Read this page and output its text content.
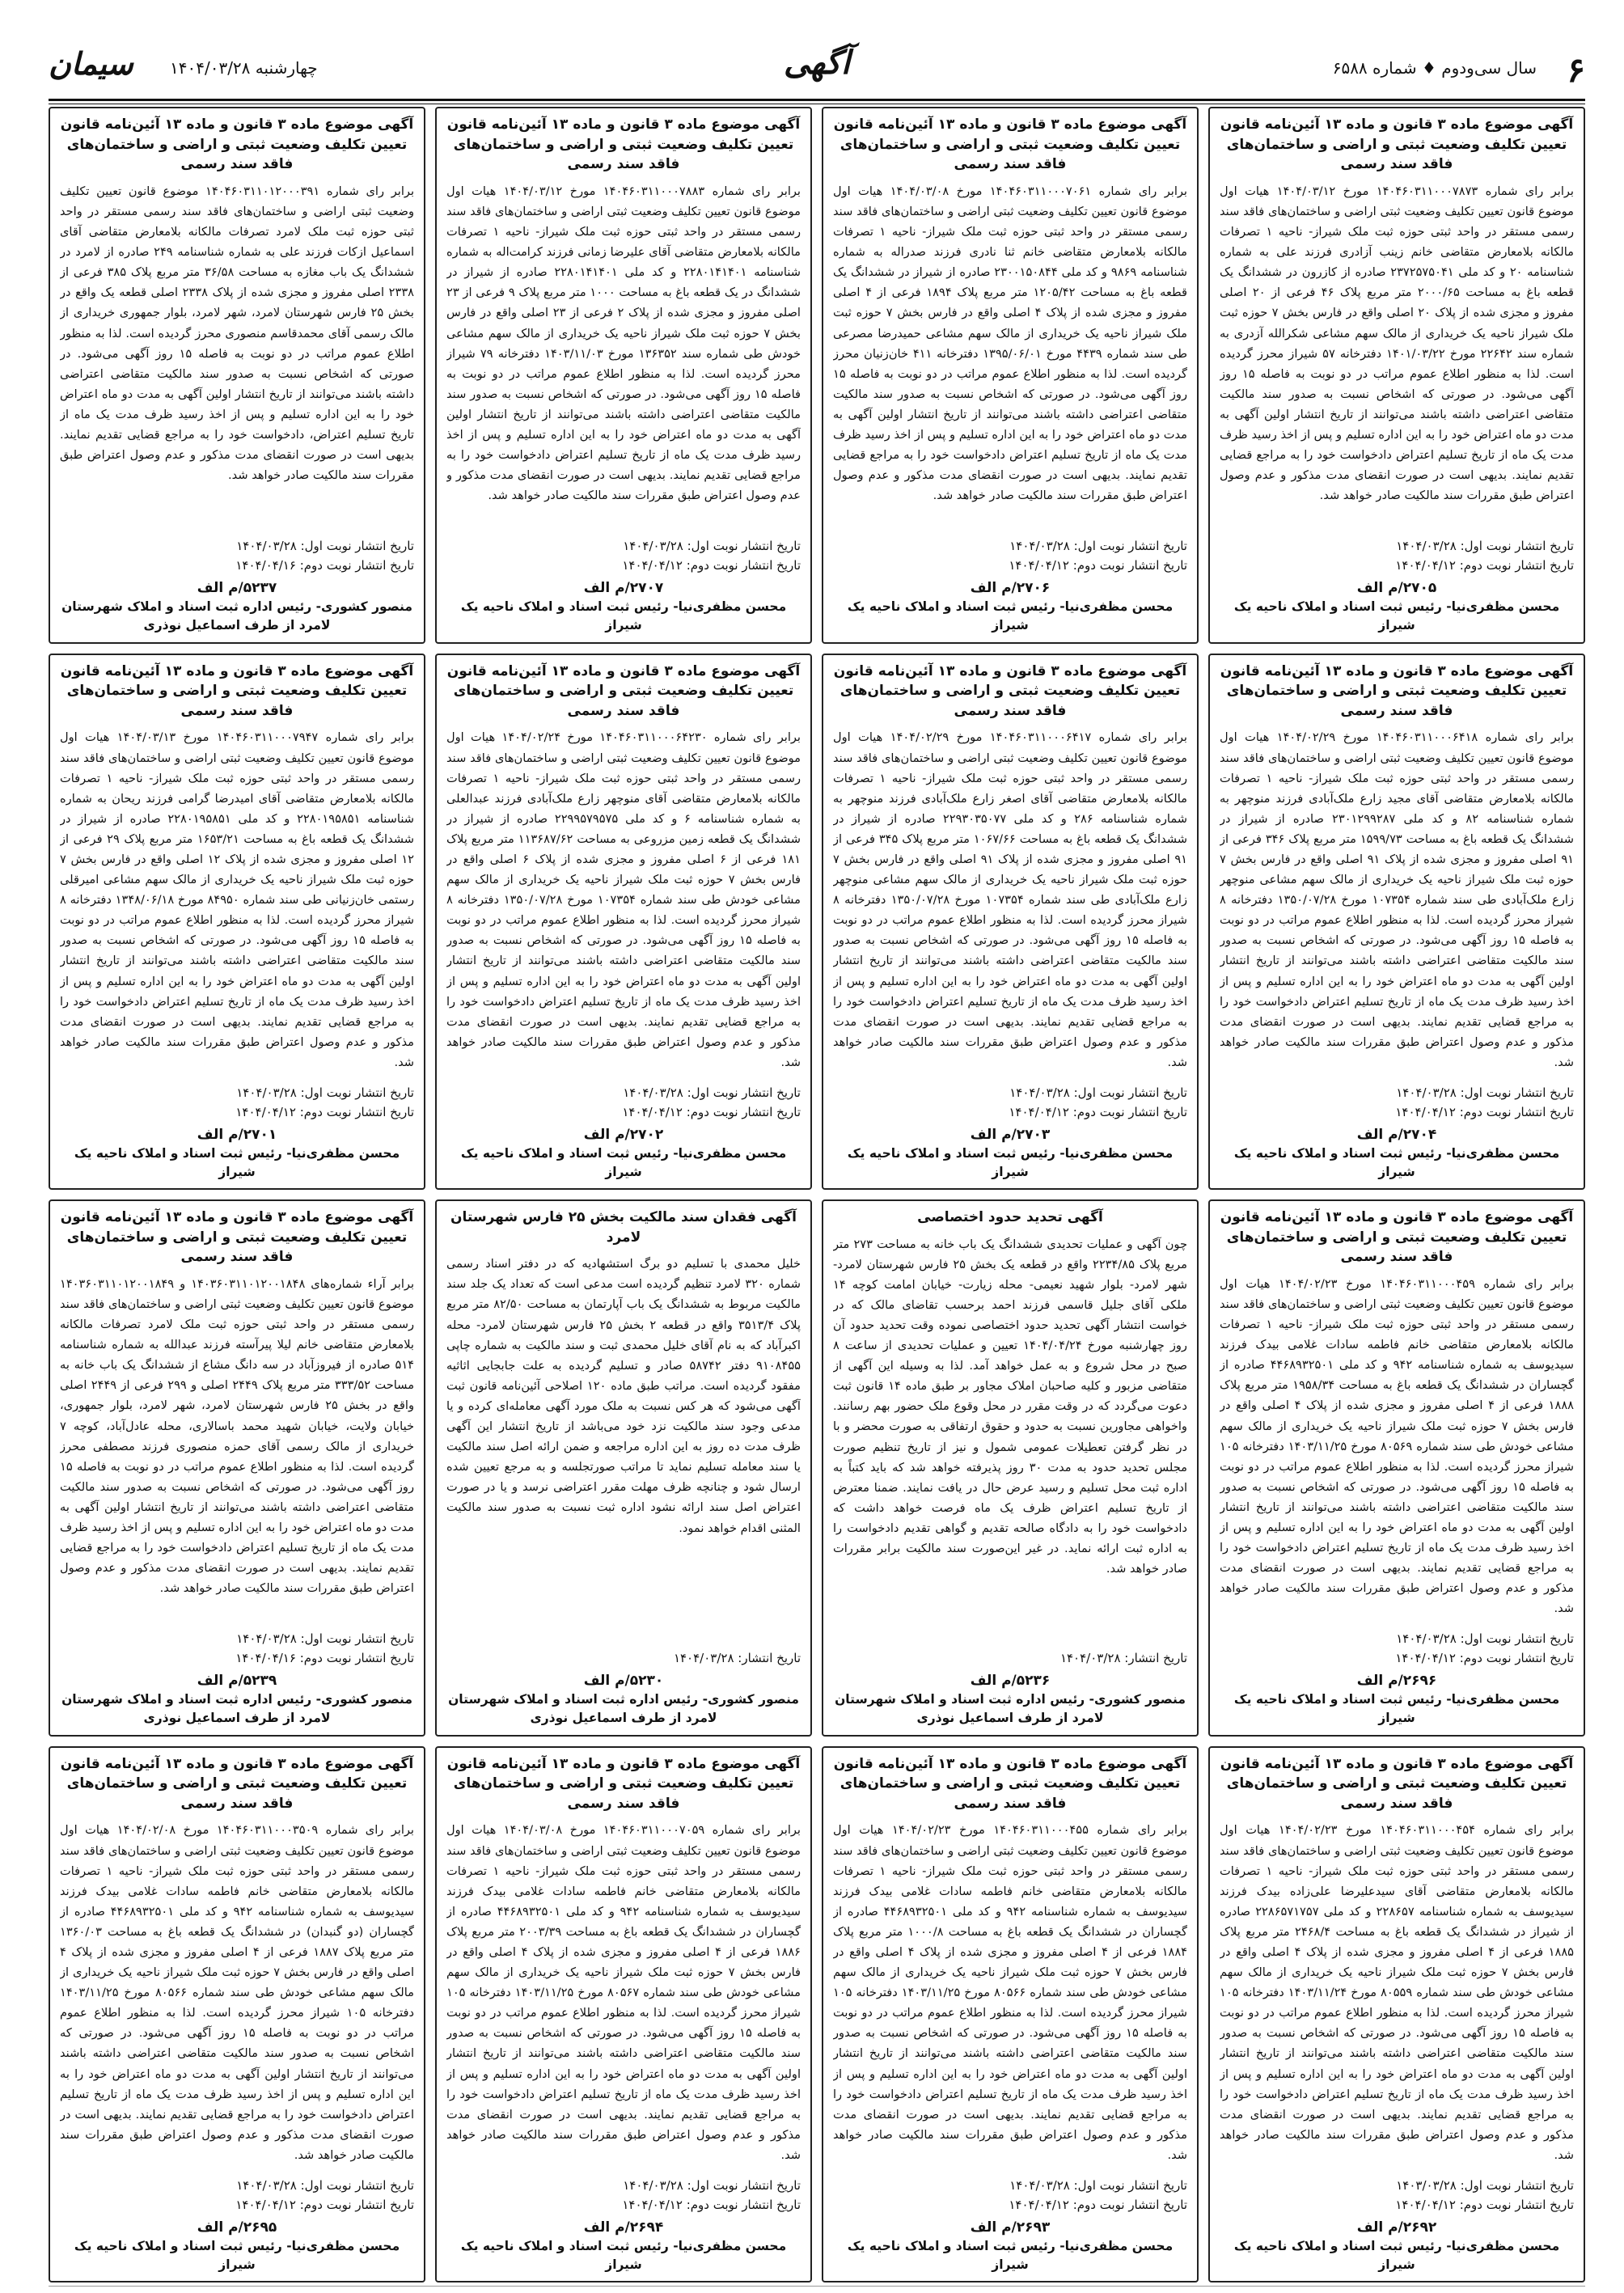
۶
سال سی‌ودوم ♦ شماره ۶۵۸۸
آگهی
چهارشنبه ۱۴۰۴/۰۳/۲۸
سیمان
آگهی موضوع ماده ۳ قانون و ماده ۱۳ آئین‌نامه قانون تعیین تکلیف وضعیت ثبتی و اراضی و ساختمان‌های فاقد سند رسمی
برابر رای شماره ۱۴۰۴۶۰۳۱۱۰۰۰۷۸۷۳ مورخ ۱۴۰۴/۰۳/۱۲ هیات اول موضوع قانون تعیین تکلیف وضعیت ثبتی اراضی و ساختمان‌های فاقد سند رسمی مستقر در واحد ثبتی حوزه ثبت ملک شیراز- ناحیه ۱ تصرفات مالکانه بلامعارض متقاضی خانم زینب آزادری فرزند علی به شماره شناسنامه ۲۰ و کد ملی ۲۳۷۲۵۷۵۰۴۱ صادره از کازرون در ششدانگ یک قطعه باغ به مساحت ۲۰۰۰/۶۵ متر مربع پلاک ۴۶ فرعی از ۲۰ اصلی مفروز و مجزی شده از پلاک ۲۰ اصلی واقع در فارس بخش ۷ حوزه ثبت ملک شیراز ناحیه یک خریداری از مالک سهم مشاعی شکرالله آزدری به شماره سند ۲۲۶۴۲ مورخ ۱۴۰۱/۰۳/۲۲ دفترخانه ۵۷ شیراز محرز گردیده است. لذا به منظور اطلاع عموم مراتب در دو نوبت به فاصله ۱۵ روز آگهی می‌شود. در صورتی که اشخاص نسبت به صدور سند مالکیت متقاضی اعتراضی داشته باشند می‌توانند از تاریخ انتشار اولین آگهی به مدت دو ماه اعتراض خود را به این اداره تسلیم و پس از اخذ رسید ظرف مدت یک ماه از تاریخ تسلیم اعتراض دادخواست خود را به مراجع قضایی تقدیم نمایند. بدیهی است در صورت انقضای مدت مذکور و عدم وصول اعتراض طبق مقررات سند مالکیت صادر خواهد شد.
تاریخ انتشار نوبت اول: ۱۴۰۴/۰۳/۲۸
تاریخ انتشار نوبت دوم: ۱۴۰۴/۰۴/۱۲
۲۷۰۵/م الف
محسن مظفری‌نیا- رئیس ثبت اسناد و املاک ناحیه یک شیراز
آگهی موضوع ماده ۳ قانون و ماده ۱۳ آئین‌نامه قانون تعیین تکلیف وضعیت ثبتی و اراضی و ساختمان‌های فاقد سند رسمی
برابر رای شماره ۱۴۰۴۶۰۳۱۱۰۰۰۷۰۶۱ مورخ ۱۴۰۴/۰۳/۰۸ هیات اول موضوع قانون تعیین تکلیف وضعیت ثبتی اراضی و ساختمان‌های فاقد سند رسمی مستقر در واحد ثبتی حوزه ثبت ملک شیراز- ناحیه ۱ تصرفات مالکانه بلامعارض متقاضی خانم ثنا نادری فرزند صدراله به شماره شناسنامه ۹۸۶۹ و کد ملی ۲۳۰۰۱۵۰۸۴۴ صادره از شیراز در ششدانگ یک قطعه باغ به مساحت ۱۲۰۵/۴۲ متر مربع پلاک ۱۸۹۴ فرعی از ۴ اصلی مفروز و مجزی شده از پلاک ۴ اصلی واقع در فارس بخش ۷ حوزه ثبت ملک شیراز ناحیه یک خریداری از مالک سهم مشاعی حمیدرضا مصرعی طی سند شماره ۴۴۳۹ مورخ ۱۳۹۵/۰۶/۰۱ دفترخانه ۴۱۱ خان‌زنیان محرز گردیده است. لذا به منظور اطلاع عموم مراتب در دو نوبت به فاصله ۱۵ روز آگهی می‌شود. در صورتی که اشخاص نسبت به صدور سند مالکیت متقاضی اعتراضی داشته باشند می‌توانند از تاریخ انتشار اولین آگهی به مدت دو ماه اعتراض خود را به این اداره تسلیم و پس از اخذ رسید ظرف مدت یک ماه از تاریخ تسلیم اعتراض دادخواست خود را به مراجع قضایی تقدیم نمایند. بدیهی است در صورت انقضای مدت مذکور و عدم وصول اعتراض طبق مقررات سند مالکیت صادر خواهد شد.
تاریخ انتشار نوبت اول: ۱۴۰۴/۰۳/۲۸
تاریخ انتشار نوبت دوم: ۱۴۰۴/۰۴/۱۲
۲۷۰۶/م الف
محسن مظفری‌نیا- رئیس ثبت اسناد و املاک ناحیه یک شیراز
آگهی موضوع ماده ۳ قانون و ماده ۱۳ آئین‌نامه قانون تعیین تکلیف وضعیت ثبتی و اراضی و ساختمان‌های فاقد سند رسمی
برابر رای شماره ۱۴۰۴۶۰۳۱۱۰۰۰۷۸۸۳ مورخ ۱۴۰۴/۰۳/۱۲ هیات اول موضوع قانون تعیین تکلیف وضعیت ثبتی اراضی و ساختمان‌های فاقد سند رسمی مستقر در واحد ثبتی حوزه ثبت ملک شیراز- ناحیه ۱ تصرفات مالکانه بلامعارض متقاضی آقای علیرضا زمانی فرزند کرامت‌اله به شماره شناسنامه ۲۲۸۰۱۴۱۴۰۱ و کد ملی ۲۲۸۰۱۴۱۴۰۱ صادره از شیراز در ششدانگ در یک قطعه باغ به مساحت ۱۰۰۰ متر مربع پلاک ۹ فرعی از ۲۳ اصلی مفروز و مجزی شده از پلاک ۲ فرعی از ۲۳ اصلی واقع در فارس بخش ۷ حوزه ثبت ملک شیراز ناحیه یک خریداری از مالک سهم مشاعی خودش طی شماره سند ۱۳۶۳۵۲ مورخ ۱۴۰۳/۱۱/۰۳ دفترخانه ۷۹ شیراز محرز گردیده است. لذا به منظور اطلاع عموم مراتب در دو نوبت به فاصله ۱۵ روز آگهی می‌شود. در صورتی که اشخاص نسبت به صدور سند مالکیت متقاضی اعتراضی داشته باشند می‌توانند از تاریخ انتشار اولین آگهی به مدت دو ماه اعتراض خود را به این اداره تسلیم و پس از اخذ رسید ظرف مدت یک ماه از تاریخ تسلیم اعتراض دادخواست خود را به مراجع قضایی تقدیم نمایند. بدیهی است در صورت انقضای مدت مذکور و عدم وصول اعتراض طبق مقررات سند مالکیت صادر خواهد شد.
تاریخ انتشار نوبت اول: ۱۴۰۴/۰۳/۲۸
تاریخ انتشار نوبت دوم: ۱۴۰۴/۰۴/۱۲
۲۷۰۷/م الف
محسن مظفری‌نیا- رئیس ثبت اسناد و املاک ناحیه یک شیراز
آگهی موضوع ماده ۳ قانون و ماده ۱۳ آئین‌نامه قانون تعیین تکلیف وضعیت ثبتی و اراضی و ساختمان‌های فاقد سند رسمی
برابر رای شماره ۱۴۰۴۶۰۳۱۱۰۱۲۰۰۰۳۹۱ موضوع قانون تعیین تکلیف وضعیت ثبتی اراضی و ساختمان‌های فاقد سند رسمی مستقر در واحد ثبتی حوزه ثبت ملک لامرد تصرفات مالکانه بلامعارض متقاضی آقای اسماعیل ازکات فرزند علی به شماره شناسنامه ۲۴۹ صادره از لامرد در ششدانگ یک باب مغازه به مساحت ۳۶/۵۸ متر مربع پلاک ۳۸۵ فرعی از ۲۳۳۸ اصلی مفروز و مجزی شده از پلاک ۲۳۳۸ اصلی قطعه یک واقع در بخش ۲۵ فارس شهرستان لامرد، شهر لامرد، بلوار جمهوری خریداری از مالک رسمی آقای محمدقاسم منصوری محرز گردیده است. لذا به منظور اطلاع عموم مراتب در دو نوبت به فاصله ۱۵ روز آگهی می‌شود. در صورتی که اشخاص نسبت به صدور سند مالکیت متقاضی اعتراضی داشته باشند می‌توانند از تاریخ انتشار اولین آگهی به مدت دو ماه اعتراض خود را به این اداره تسلیم و پس از اخذ رسید ظرف مدت یک ماه از تاریخ تسلیم اعتراض، دادخواست خود را به مراجع قضایی تقدیم نمایند. بدیهی است در صورت انقضای مدت مذکور و عدم وصول اعتراض طبق مقررات سند مالکیت صادر خواهد شد.
تاریخ انتشار نوبت اول: ۱۴۰۴/۰۳/۲۸
تاریخ انتشار نوبت دوم: ۱۴۰۴/۰۴/۱۶
۵۲۳۷/م الف
منصور کشوری- رئیس اداره ثبت اسناد و املاک شهرستان لامرد از طرف اسماعیل نوذری
آگهی موضوع ماده ۳ قانون و ماده ۱۳ آئین‌نامه قانون تعیین تکلیف وضعیت ثبتی و اراضی و ساختمان‌های فاقد سند رسمی
برابر رای شماره ۱۴۰۴۶۰۳۱۱۰۰۰۶۴۱۸ مورخ ۱۴۰۴/۰۲/۲۹ هیات اول موضوع قانون تعیین تکلیف وضعیت ثبتی اراضی و ساختمان‌های فاقد سند رسمی مستقر در واحد ثبتی حوزه ثبت ملک شیراز- ناحیه ۱ تصرفات مالکانه بلامعارض متقاضی آقای مجید زارع ملک‌آبادی فرزند منوچهر به شماره شناسنامه ۸۲ و کد ملی ۲۳۰۱۲۹۹۲۸۷ صادره از شیراز در ششدانگ یک قطعه باغ به مساحت ۱۵۹۹/۷۳ متر مربع پلاک ۳۴۶ فرعی از ۹۱ اصلی مفروز و مجزی شده از پلاک ۹۱ اصلی واقع در فارس بخش ۷ حوزه ثبت ملک شیراز ناحیه یک خریداری از مالک سهم مشاعی منوچهر زارع ملک‌آبادی طی سند شماره ۱۰۷۳۵۴ مورخ ۱۳۵۰/۰۷/۲۸ دفترخانه ۸ شیراز محرز گردیده است. لذا به منظور اطلاع عموم مراتب در دو نوبت به فاصله ۱۵ روز آگهی می‌شود. در صورتی که اشخاص نسبت به صدور سند مالکیت متقاضی اعتراضی داشته باشند می‌توانند از تاریخ انتشار اولین آگهی به مدت دو ماه اعتراض خود را به این اداره تسلیم و پس از اخذ رسید ظرف مدت یک ماه از تاریخ تسلیم اعتراض دادخواست خود را به مراجع قضایی تقدیم نمایند. بدیهی است در صورت انقضای مدت مذکور و عدم وصول اعتراض طبق مقررات سند مالکیت صادر خواهد شد.
تاریخ انتشار نوبت اول: ۱۴۰۴/۰۳/۲۸
تاریخ انتشار نوبت دوم: ۱۴۰۴/۰۴/۱۲
۲۷۰۴/م الف
محسن مظفری‌نیا- رئیس ثبت اسناد و املاک ناحیه یک شیراز
آگهی موضوع ماده ۳ قانون و ماده ۱۳ آئین‌نامه قانون تعیین تکلیف وضعیت ثبتی و اراضی و ساختمان‌های فاقد سند رسمی
برابر رای شماره ۱۴۰۴۶۰۳۱۱۰۰۰۶۴۱۷ مورخ ۱۴۰۴/۰۲/۲۹ هیات اول موضوع قانون تعیین تکلیف وضعیت ثبتی اراضی و ساختمان‌های فاقد سند رسمی مستقر در واحد ثبتی حوزه ثبت ملک شیراز- ناحیه ۱ تصرفات مالکانه بلامعارض متقاضی آقای اصغر زارع ملک‌آبادی فرزند منوچهر به شماره شناسنامه ۲۸۶ و کد ملی ۲۲۹۳۰۳۵۰۷۷ صادره از شیراز در ششدانگ یک قطعه باغ به مساحت ۱۰۶۷/۶۶ متر مربع پلاک ۳۴۵ فرعی از ۹۱ اصلی مفروز و مجزی شده از پلاک ۹۱ اصلی واقع در فارس بخش ۷ حوزه ثبت ملک شیراز ناحیه یک خریداری از مالک سهم مشاعی منوچهر زارع ملک‌آبادی طی سند شماره ۱۰۷۳۵۴ مورخ ۱۳۵۰/۰۷/۲۸ دفترخانه ۸ شیراز محرز گردیده است. لذا به منظور اطلاع عموم مراتب در دو نوبت به فاصله ۱۵ روز آگهی می‌شود. در صورتی که اشخاص نسبت به صدور سند مالکیت متقاضی اعتراضی داشته باشند می‌توانند از تاریخ انتشار اولین آگهی به مدت دو ماه اعتراض خود را به این اداره تسلیم و پس از اخذ رسید ظرف مدت یک ماه از تاریخ تسلیم اعتراض دادخواست خود را به مراجع قضایی تقدیم نمایند. بدیهی است در صورت انقضای مدت مذکور و عدم وصول اعتراض طبق مقررات سند مالکیت صادر خواهد شد.
تاریخ انتشار نوبت اول: ۱۴۰۴/۰۳/۲۸
تاریخ انتشار نوبت دوم: ۱۴۰۴/۰۴/۱۲
۲۷۰۳/م الف
محسن مظفری‌نیا- رئیس ثبت اسناد و املاک ناحیه یک شیراز
آگهی موضوع ماده ۳ قانون و ماده ۱۳ آئین‌نامه قانون تعیین تکلیف وضعیت ثبتی و اراضی و ساختمان‌های فاقد سند رسمی
برابر رای شماره ۱۴۰۴۶۰۳۱۱۰۰۰۶۴۲۳۰ مورخ ۱۴۰۴/۰۲/۲۴ هیات اول موضوع قانون تعیین تکلیف وضعیت ثبتی اراضی و ساختمان‌های فاقد سند رسمی مستقر در واحد ثبتی حوزه ثبت ملک شیراز- ناحیه ۱ تصرفات مالکانه بلامعارض متقاضی آقای منوچهر زارع ملک‌آبادی فرزند عبدالعلی به شماره شناسنامه ۶ و کد ملی ۲۲۹۹۵۷۹۵۷۵ صادره از شیراز در ششدانگ یک قطعه زمین مزروعی به مساحت ۱۱۳۶۸۷/۶۲ متر مربع پلاک ۱۸۱ فرعی از ۶ اصلی مفروز و مجزی شده از پلاک ۶ اصلی واقع در فارس بخش ۷ حوزه ثبت ملک شیراز ناحیه یک خریداری از مالک سهم مشاعی خودش طی سند شماره ۱۰۷۳۵۴ مورخ ۱۳۵۰/۰۷/۲۸ دفترخانه ۸ شیراز محرز گردیده است. لذا به منظور اطلاع عموم مراتب در دو نوبت به فاصله ۱۵ روز آگهی می‌شود. در صورتی که اشخاص نسبت به صدور سند مالکیت متقاضی اعتراضی داشته باشند می‌توانند از تاریخ انتشار اولین آگهی به مدت دو ماه اعتراض خود را به این اداره تسلیم و پس از اخذ رسید ظرف مدت یک ماه از تاریخ تسلیم اعتراض دادخواست خود را به مراجع قضایی تقدیم نمایند. بدیهی است در صورت انقضای مدت مذکور و عدم وصول اعتراض طبق مقررات سند مالکیت صادر خواهد شد.
تاریخ انتشار نوبت اول: ۱۴۰۴/۰۳/۲۸
تاریخ انتشار نوبت دوم: ۱۴۰۴/۰۴/۱۲
۲۷۰۲/م الف
محسن مظفری‌نیا- رئیس ثبت اسناد و املاک ناحیه یک شیراز
آگهی موضوع ماده ۳ قانون و ماده ۱۳ آئین‌نامه قانون تعیین تکلیف وضعیت ثبتی و اراضی و ساختمان‌های فاقد سند رسمی
برابر رای شماره ۱۴۰۴۶۰۳۱۱۰۰۰۷۹۴۷ مورخ ۱۴۰۴/۰۳/۱۳ هیات اول موضوع قانون تعیین تکلیف وضعیت ثبتی اراضی و ساختمان‌های فاقد سند رسمی مستقر در واحد ثبتی حوزه ثبت ملک شیراز- ناحیه ۱ تصرفات مالکانه بلامعارض متقاضی آقای امیدرضا گرامی فرزند ریحان به شماره شناسنامه ۲۲۸۰۱۹۵۸۵۱ و کد ملی ۲۲۸۰۱۹۵۸۵۱ صادره از شیراز در ششدانگ یک قطعه باغ به مساحت ۱۶۵۳/۲۱ متر مربع پلاک ۲۹ فرعی از ۱۲ اصلی مفروز و مجزی شده از پلاک ۱۲ اصلی واقع در فارس بخش ۷ حوزه ثبت ملک شیراز ناحیه یک خریداری از مالک سهم مشاعی امیرقلی رستمی خان‌زنیانی طی سند شماره ۸۴۹۵۰ مورخ ۱۳۴۸/۰۶/۱۸ دفترخانه ۸ شیراز محرز گردیده است. لذا به منظور اطلاع عموم مراتب در دو نوبت به فاصله ۱۵ روز آگهی می‌شود. در صورتی که اشخاص نسبت به صدور سند مالکیت متقاضی اعتراضی داشته باشند می‌توانند از تاریخ انتشار اولین آگهی به مدت دو ماه اعتراض خود را به این اداره تسلیم و پس از اخذ رسید ظرف مدت یک ماه از تاریخ تسلیم اعتراض دادخواست خود را به مراجع قضایی تقدیم نمایند. بدیهی است در صورت انقضای مدت مذکور و عدم وصول اعتراض طبق مقررات سند مالکیت صادر خواهد شد.
تاریخ انتشار نوبت اول: ۱۴۰۴/۰۳/۲۸
تاریخ انتشار نوبت دوم: ۱۴۰۴/۰۴/۱۲
۲۷۰۱/م الف
محسن مظفری‌نیا- رئیس ثبت اسناد و املاک ناحیه یک شیراز
آگهی موضوع ماده ۳ قانون و ماده ۱۳ آئین‌نامه قانون تعیین تکلیف وضعیت ثبتی و اراضی و ساختمان‌های فاقد سند رسمی
برابر رای شماره ۱۴۰۴۶۰۳۱۱۰۰۰۴۵۹ مورخ ۱۴۰۴/۰۲/۲۳ هیات اول موضوع قانون تعیین تکلیف وضعیت ثبتی اراضی و ساختمان‌های فاقد سند رسمی مستقر در واحد ثبتی حوزه ثبت ملک شیراز- ناحیه ۱ تصرفات مالکانه بلامعارض متقاضی خانم فاطمه سادات غلامی بیدک فرزند سیدیوسف به شماره شناسنامه ۹۴۲ و کد ملی ۴۴۶۸۹۳۲۵۰۱ صادره از گچساران در ششدانگ یک قطعه باغ به مساحت ۱۹۵۸/۳۴ متر مربع پلاک ۱۸۸۸ فرعی از ۴ اصلی مفروز و مجزی شده از پلاک ۴ اصلی واقع در فارس بخش ۷ حوزه ثبت ملک شیراز ناحیه یک خریداری از مالک سهم مشاعی خودش طی سند شماره ۸۰۵۶۹ مورخ ۱۴۰۳/۱۱/۲۵ دفترخانه ۱۰۵ شیراز محرز گردیده است. لذا به منظور اطلاع عموم مراتب در دو نوبت به فاصله ۱۵ روز آگهی می‌شود. در صورتی که اشخاص نسبت به صدور سند مالکیت متقاضی اعتراضی داشته باشند می‌توانند از تاریخ انتشار اولین آگهی به مدت دو ماه اعتراض خود را به این اداره تسلیم و پس از اخذ رسید ظرف مدت یک ماه از تاریخ تسلیم اعتراض دادخواست خود را به مراجع قضایی تقدیم نمایند. بدیهی است در صورت انقضای مدت مذکور و عدم وصول اعتراض طبق مقررات سند مالکیت صادر خواهد شد.
تاریخ انتشار نوبت اول: ۱۴۰۴/۰۳/۲۸
تاریخ انتشار نوبت دوم: ۱۴۰۴/۰۴/۱۲
۲۶۹۶/م الف
محسن مظفری‌نیا- رئیس ثبت اسناد و املاک ناحیه یک شیراز
آگهی تحدید حدود اختصاصی
چون آگهی و عملیات تحدیدی ششدانگ یک باب خانه به مساحت ۲۷۳ متر مربع پلاک ۲۲۳۴/۸۵ واقع در قطعه یک بخش ۲۵ فارس شهرستان لامرد- شهر لامرد- بلوار شهید نعیمی- محله زیارت- خیابان امامت کوچه ۱۴ ملکی آقای جلیل قاسمی فرزند احمد برحسب تقاضای مالک که در خواست انتشار آگهی تحدید حدود اختصاصی نموده وقت تحدید حدود آن روز چهارشنبه مورخ ۱۴۰۴/۰۴/۲۴ تعیین و عملیات تحدیدی از ساعت ۸ صبح در محل شروع و به عمل خواهد آمد. لذا به وسیله این آگهی از متقاضی مزبور و کلیه صاحبان املاک مجاور بر طبق ماده ۱۴ قانون ثبت دعوت می‌گردد که در وقت مقرر در محل وقوع ملک حضور بهم رسانند. واخواهی مجاورین نسبت به حدود و حقوق ارتفاقی به صورت محضر و با در نظر گرفتن تعطیلات عمومی شمول و نیز از تاریخ تنظیم صورت مجلس تحدید حدود به مدت ۳۰ روز پذیرفته خواهد شد که باید کتباً به اداره ثبت محل تسلیم و رسید عرض حال در یافت نمایند. ضمنا معترض از تاریخ تسلیم اعتراض ظرف یک ماه فرصت خواهد داشت که دادخواست خود را به دادگاه صالحه تقدیم و گواهی تقدیم دادخواست را به اداره ثبت ارائه نماید. در غیر این‌صورت سند مالکیت برابر مقررات صادر خواهد شد.
تاریخ انتشار: ۱۴۰۴/۰۳/۲۸
۵۲۳۶/م الف
منصور کشوری- رئیس اداره ثبت اسناد و املاک شهرستان لامرد از طرف اسماعیل نوذری
آگهی فقدان سند مالکیت بخش ۲۵ فارس شهرستان لامرد
خلیل محمدی با تسلیم دو برگ استشهادیه که در دفتر اسناد رسمی شماره ۳۲۰ لامرد تنظیم گردیده است مدعی است که تعداد یک جلد سند مالکیت مربوط به ششدانگ یک باب آپارتمان به مساحت ۸۲/۵۰ متر مربع پلاک ۳۵۱۳/۴ واقع در قطعه ۲ بخش ۲۵ فارس شهرستان لامرد- محله اکبرآباد که به نام آقای خلیل محمدی ثبت و سند مالکیت به شماره چاپی ۹۱۰۸۴۵۵ دفتر ۵۸۷۴۲ صادر و تسلیم گردیده به علت جابجایی اثاثیه مفقود گردیده است. مراتب طبق ماده ۱۲۰ اصلاحی آئین‌نامه قانون ثبت آگهی می‌شود که هر کس نسبت به ملک مورد آگهی معامله‌ای کرده و یا مدعی وجود سند مالکیت نزد خود می‌باشد از تاریخ انتشار این آگهی ظرف مدت ده روز به این اداره مراجعه و ضمن ارائه اصل سند مالکیت یا سند معامله تسلیم نماید تا مراتب صورتجلسه و به مرجع تعیین شده ارسال شود و چنانچه ظرف مهلت مقرر اعتراضی نرسد و یا در صورت اعتراض اصل سند ارائه نشود اداره ثبت نسبت به صدور سند مالکیت المثنی اقدام خواهد نمود.
تاریخ انتشار: ۱۴۰۴/۰۳/۲۸
۵۲۳۰/م الف
منصور کشوری- رئیس اداره ثبت اسناد و املاک شهرستان لامرد از طرف اسماعیل نوذری
آگهی موضوع ماده ۳ قانون و ماده ۱۳ آئین‌نامه قانون تعیین تکلیف وضعیت ثبتی و اراضی و ساختمان‌های فاقد سند رسمی
برابر آراء شماره‌های ۱۴۰۳۶۰۳۱۱۰۱۲۰۰۱۸۴۸ و ۱۴۰۳۶۰۳۱۱۰۱۲۰۰۱۸۴۹ موضوع قانون تعیین تکلیف وضعیت ثبتی اراضی و ساختمان‌های فاقد سند رسمی مستقر در واحد ثبتی حوزه ثبت ملک لامرد تصرفات مالکانه بلامعارض متقاضی خانم لیلا پیرآسته فرزند عبدالله به شماره شناسنامه ۵۱۴ صادره از فیروزآباد در سه دانگ مشاع از ششدانگ یک باب خانه به مساحت ۳۳۳/۵۲ متر مربع پلاک ۲۴۴۹ اصلی و ۲۹۹ فرعی از ۲۴۴۹ اصلی واقع در بخش ۲۵ فارس شهرستان لامرد، شهر لامرد، بلوار جمهوری، خیابان ولایت، خیابان شهید محمد باسالاری، محله عادل‌آباد، کوچه ۷ خریداری از مالک رسمی آقای حمزه منصوری فرزند مصطفی محرز گردیده است. لذا به منظور اطلاع عموم مراتب در دو نوبت به فاصله ۱۵ روز آگهی می‌شود. در صورتی که اشخاص نسبت به صدور سند مالکیت متقاضی اعتراضی داشته باشند می‌توانند از تاریخ انتشار اولین آگهی به مدت دو ماه اعتراض خود را به این اداره تسلیم و پس از اخذ رسید ظرف مدت یک ماه از تاریخ تسلیم اعتراض دادخواست خود را به مراجع قضایی تقدیم نمایند. بدیهی است در صورت انقضای مدت مذکور و عدم وصول اعتراض طبق مقررات سند مالکیت صادر خواهد شد.
تاریخ انتشار نوبت اول: ۱۴۰۴/۰۳/۲۸
تاریخ انتشار نوبت دوم: ۱۴۰۴/۰۴/۱۶
۵۲۳۹/م الف
منصور کشوری- رئیس اداره ثبت اسناد و املاک شهرستان لامرد از طرف اسماعیل نوذری
آگهی موضوع ماده ۳ قانون و ماده ۱۳ آئین‌نامه قانون تعیین تکلیف وضعیت ثبتی و اراضی و ساختمان‌های فاقد سند رسمی
برابر رای شماره ۱۴۰۴۶۰۳۱۱۰۰۰۴۵۴ مورخ ۱۴۰۴/۰۲/۲۳ هیات اول موضوع قانون تعیین تکلیف وضعیت ثبتی اراضی و ساختمان‌های فاقد سند رسمی مستقر در واحد ثبتی حوزه ثبت ملک شیراز- ناحیه ۱ تصرفات مالکانه بلامعارض متقاضی آقای سیدعلیرضا علی‌زاده بیدک فرزند سیدیوسف به شماره شناسنامه ۲۲۸۶۵۷ و کد ملی ۲۲۸۶۵۷۱۷۵۷ صادره از شیراز در ششدانگ یک قطعه باغ به مساحت ۲۴۶۸/۴ متر مربع پلاک ۱۸۸۵ فرعی از ۴ اصلی مفروز و مجزی شده از پلاک ۴ اصلی واقع در فارس بخش ۷ حوزه ثبت ملک شیراز ناحیه یک خریداری از مالک سهم مشاعی خودش طی سند شماره ۸۰۵۵۹ مورخ ۱۴۰۳/۱۱/۲۴ دفترخانه ۱۰۵ شیراز محرز گردیده است. لذا به منظور اطلاع عموم مراتب در دو نوبت به فاصله ۱۵ روز آگهی می‌شود. در صورتی که اشخاص نسبت به صدور سند مالکیت متقاضی اعتراضی داشته باشند می‌توانند از تاریخ انتشار اولین آگهی به مدت دو ماه اعتراض خود را به این اداره تسلیم و پس از اخذ رسید ظرف مدت یک ماه از تاریخ تسلیم اعتراض دادخواست خود را به مراجع قضایی تقدیم نمایند. بدیهی است در صورت انقضای مدت مذکور و عدم وصول اعتراض طبق مقررات سند مالکیت صادر خواهد شد.
تاریخ انتشار نوبت اول: ۱۴۰۳/۰۳/۲۸
تاریخ انتشار نوبت دوم: ۱۴۰۴/۰۴/۱۲
۲۶۹۲/م الف
محسن مظفری‌نیا- رئیس ثبت اسناد و املاک ناحیه یک شیراز
آگهی موضوع ماده ۳ قانون و ماده ۱۳ آئین‌نامه قانون تعیین تکلیف وضعیت ثبتی و اراضی و ساختمان‌های فاقد سند رسمی
برابر رای شماره ۱۴۰۴۶۰۳۱۱۰۰۰۴۵۵ مورخ ۱۴۰۴/۰۲/۲۳ هیات اول موضوع قانون تعیین تکلیف وضعیت ثبتی اراضی و ساختمان‌های فاقد سند رسمی مستقر در واحد ثبتی حوزه ثبت ملک شیراز- ناحیه ۱ تصرفات مالکانه بلامعارض متقاضی خانم فاطمه سادات غلامی بیدک فرزند سیدیوسف به شماره شناسنامه ۹۴۲ و کد ملی ۴۴۶۸۹۳۲۵۰۱ صادره از گچساران در ششدانگ یک قطعه باغ به مساحت ۱۰۰۰/۸ متر مربع پلاک ۱۸۸۴ فرعی از ۴ اصلی مفروز و مجزی شده از پلاک ۴ اصلی واقع در فارس بخش ۷ حوزه ثبت ملک شیراز ناحیه یک خریداری از مالک سهم مشاعی خودش طی سند شماره ۸۰۵۶۶ مورخ ۱۴۰۳/۱۱/۲۵ دفترخانه ۱۰۵ شیراز محرز گردیده است. لذا به منظور اطلاع عموم مراتب در دو نوبت به فاصله ۱۵ روز آگهی می‌شود. در صورتی که اشخاص نسبت به صدور سند مالکیت متقاضی اعتراضی داشته باشند می‌توانند از تاریخ انتشار اولین آگهی به مدت دو ماه اعتراض خود را به این اداره تسلیم و پس از اخذ رسید ظرف مدت یک ماه از تاریخ تسلیم اعتراض دادخواست خود را به مراجع قضایی تقدیم نمایند. بدیهی است در صورت انقضای مدت مذکور و عدم وصول اعتراض طبق مقررات سند مالکیت صادر خواهد شد.
تاریخ انتشار نوبت اول: ۱۴۰۴/۰۳/۲۸
تاریخ انتشار نوبت دوم: ۱۴۰۴/۰۴/۱۲
۲۶۹۳/م الف
محسن مظفری‌نیا- رئیس ثبت اسناد و املاک ناحیه یک شیراز
آگهی موضوع ماده ۳ قانون و ماده ۱۳ آئین‌نامه قانون تعیین تکلیف وضعیت ثبتی و اراضی و ساختمان‌های فاقد سند رسمی
برابر رای شماره ۱۴۰۴۶۰۳۱۱۰۰۰۷۰۵۹ مورخ ۱۴۰۴/۰۳/۰۸ هیات اول موضوع قانون تعیین تکلیف وضعیت ثبتی اراضی و ساختمان‌های فاقد سند رسمی مستقر در واحد ثبتی حوزه ثبت ملک شیراز- ناحیه ۱ تصرفات مالکانه بلامعارض متقاضی خانم فاطمه سادات غلامی بیدک فرزند سیدیوسف به شماره شناسنامه ۹۴۲ و کد ملی ۴۴۶۸۹۳۲۵۰۱ صادره از گچساران در ششدانگ یک قطعه باغ به مساحت ۲۰۰۳/۳۹ متر مربع پلاک ۱۸۸۶ فرعی از ۴ اصلی مفروز و مجزی شده از پلاک ۴ اصلی واقع در فارس بخش ۷ حوزه ثبت ملک شیراز ناحیه یک خریداری از مالک سهم مشاعی خودش طی سند شماره ۸۰۵۶۷ مورخ ۱۴۰۳/۱۱/۲۵ دفترخانه ۱۰۵ شیراز محرز گردیده است. لذا به منظور اطلاع عموم مراتب در دو نوبت به فاصله ۱۵ روز آگهی می‌شود. در صورتی که اشخاص نسبت به صدور سند مالکیت متقاضی اعتراضی داشته باشند می‌توانند از تاریخ انتشار اولین آگهی به مدت دو ماه اعتراض خود را به این اداره تسلیم و پس از اخذ رسید ظرف مدت یک ماه از تاریخ تسلیم اعتراض دادخواست خود را به مراجع قضایی تقدیم نمایند. بدیهی است در صورت انقضای مدت مذکور و عدم وصول اعتراض طبق مقررات سند مالکیت صادر خواهد شد.
تاریخ انتشار نوبت اول: ۱۴۰۴/۰۳/۲۸
تاریخ انتشار نوبت دوم: ۱۴۰۴/۰۴/۱۲
۲۶۹۴/م الف
محسن مظفری‌نیا- رئیس ثبت اسناد و املاک ناحیه یک شیراز
آگهی موضوع ماده ۳ قانون و ماده ۱۳ آئین‌نامه قانون تعیین تکلیف وضعیت ثبتی و اراضی و ساختمان‌های فاقد سند رسمی
برابر رای شماره ۱۴۰۴۶۰۳۱۱۰۰۰۳۵۰۹ مورخ ۱۴۰۴/۰۲/۰۸ هیات اول موضوع قانون تعیین تکلیف وضعیت ثبتی اراضی و ساختمان‌های فاقد سند رسمی مستقر در واحد ثبتی حوزه ثبت ملک شیراز- ناحیه ۱ تصرفات مالکانه بلامعارض متقاضی خانم فاطمه سادات غلامی بیدک فرزند سیدیوسف به شماره شناسنامه ۹۴۲ و کد ملی ۴۴۶۸۹۳۲۵۰۱ صادره از گچساران (دو گنبدان) در ششدانگ یک قطعه باغ به مساحت ۱۳۶۰/۰۳ متر مربع پلاک ۱۸۸۷ فرعی از ۴ اصلی مفروز و مجزی شده از پلاک ۴ اصلی واقع در فارس بخش ۷ حوزه ثبت ملک شیراز ناحیه یک خریداری از مالک سهم مشاعی خودش طی سند شماره ۸۰۵۶۶ مورخ ۱۴۰۳/۱۱/۲۵ دفترخانه ۱۰۵ شیراز محرز گردیده است. لذا به منظور اطلاع عموم مراتب در دو نوبت به فاصله ۱۵ روز آگهی می‌شود. در صورتی که اشخاص نسبت به صدور سند مالکیت متقاضی اعتراضی داشته باشند می‌توانند از تاریخ انتشار اولین آگهی به مدت دو ماه اعتراض خود را به این اداره تسلیم و پس از اخذ رسید ظرف مدت یک ماه از تاریخ تسلیم اعتراض دادخواست خود را به مراجع قضایی تقدیم نمایند. بدیهی است در صورت انقضای مدت مذکور و عدم وصول اعتراض طبق مقررات سند مالکیت صادر خواهد شد.
تاریخ انتشار نوبت اول: ۱۴۰۴/۰۳/۲۸
تاریخ انتشار نوبت دوم: ۱۴۰۴/۰۴/۱۲
۲۶۹۵/م الف
محسن مظفری‌نیا- رئیس ثبت اسناد و املاک ناحیه یک شیراز
